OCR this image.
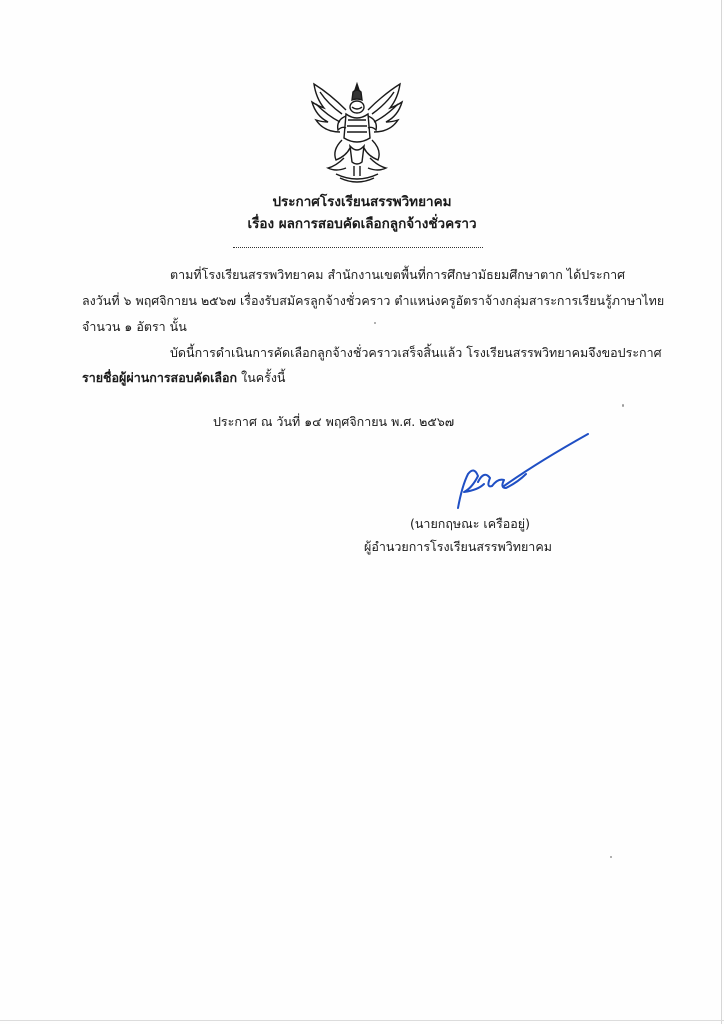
ประกาศโรงเรียนสรรพวิทยาคม
เรื่อง ผลการสอบคัดเลือกลูกจ้างชั่วคราว
ตามที่โรงเรียนสรรพวิทยาคม สำนักงานเขตพื้นที่การศึกษามัธยมศึกษาตาก ได้ประกาศ
ลงวันที่ ๖ พฤศจิกายน ๒๕๖๗ เรื่องรับสมัครลูกจ้างชั่วคราว ตำแหน่งครูอัตราจ้างกลุ่มสาระการเรียนรู้ภาษาไทย
จำนวน ๑ อัตรา นั้น
บัดนี้การดำเนินการคัดเลือกลูกจ้างชั่วคราวเสร็จสิ้นแล้ว โรงเรียนสรรพวิทยาคมจึงขอประกาศ
รายชื่อผู้ผ่านการสอบคัดเลือก ในครั้งนี้
ประกาศ ณ วันที่ ๑๔ พฤศจิกายน พ.ศ. ๒๕๖๗
(นายกฤษณะ เครืออยู่)
ผู้อำนวยการโรงเรียนสรรพวิทยาคม
